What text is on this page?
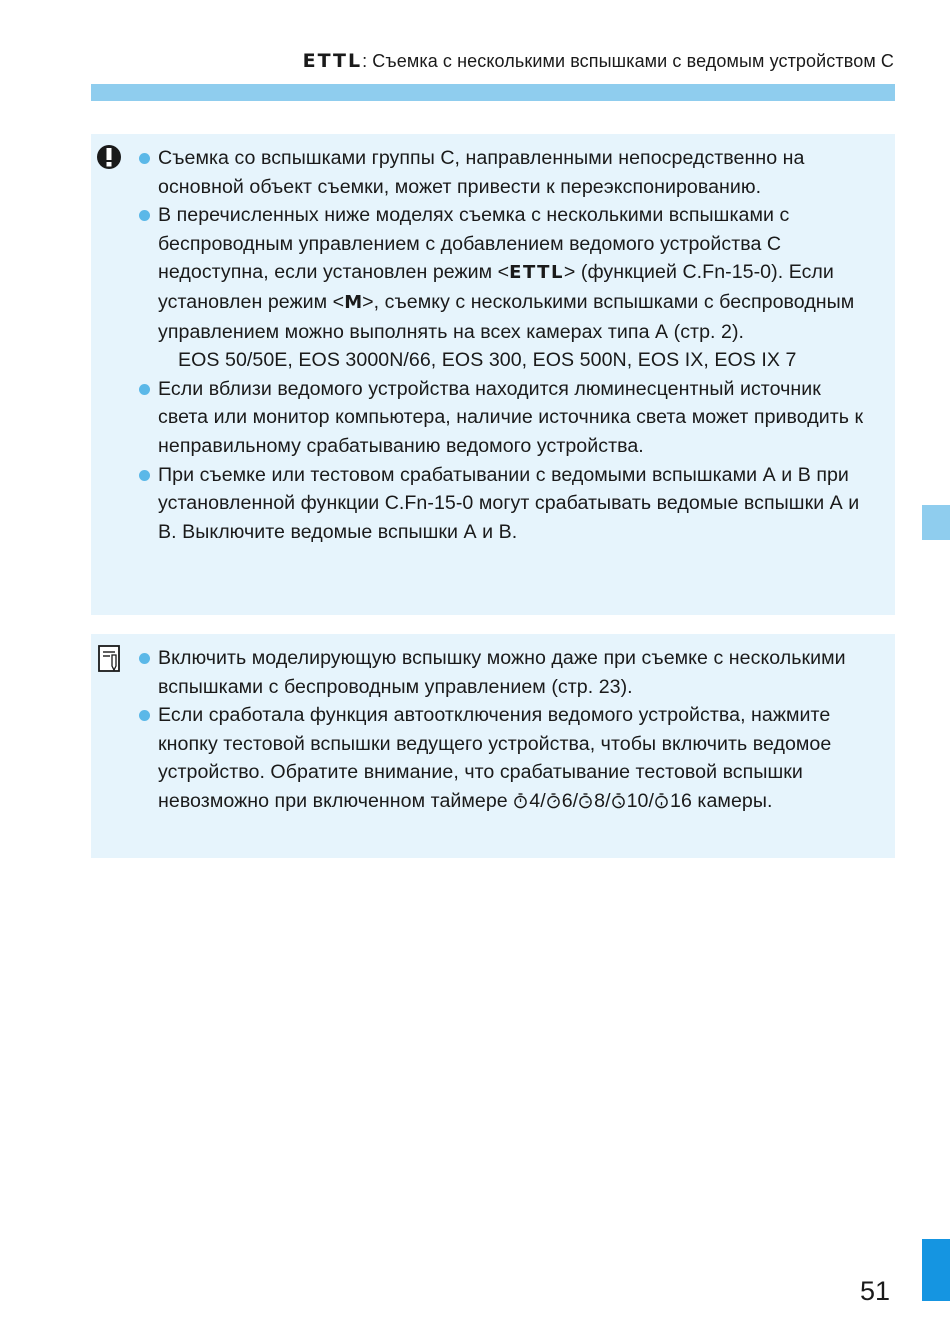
ETTL: Съемка с несколькими вспышками с ведомым устройством С
Съемка со вспышками группы С, направленными непосредственно на основной объект съемки, может привести к переэкспонированию.
В перечисленных ниже моделях съемка с несколькими вспышками с беспроводным управлением с добавлением ведомого устройства С недоступна, если установлен режим <ETTL> (функцией C.Fn-15-0). Если установлен режим <M>, съемку с несколькими вспышками с беспроводным управлением можно выполнять на всех камерах типа А (стр. 2).
EOS 50/50E, EOS 3000N/66, EOS 300, EOS 500N, EOS IX, EOS IX 7
Если вблизи ведомого устройства находится люминесцентный источник света или монитор компьютера, наличие источника света может приводить к неправильному срабатыванию ведомого устройства.
При съемке или тестовом срабатывании с ведомыми вспышками А и В при установленной функции C.Fn-15-0 могут срабатывать ведомые вспышки А и В. Выключите ведомые вспышки А и В.
Включить моделирующую вспышку можно даже при съемке с несколькими вспышками с беспроводным управлением (стр. 23).
Если сработала функция автоотключения ведомого устройства, нажмите кнопку тестовой вспышки ведущего устройства, чтобы включить ведомое устройство. Обратите внимание, что срабатывание тестовой вспышки невозможно при включенном таймере 4 / 6 / 8 / 10 / 16 камеры.
51
